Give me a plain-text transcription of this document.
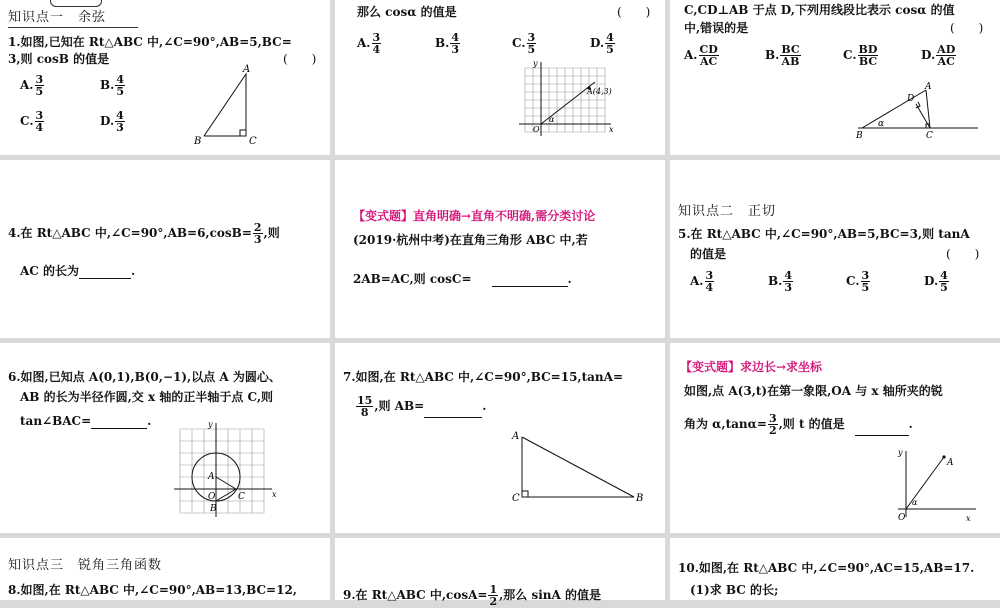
知识点一　余弦
1.如图,已知在 Rt△ABC 中,∠C=90°,AB=5,BC=
3,则 cosB 的值是	(　　)
A. $\frac{3}{5}$	B. $\frac{4}{5}$
C. $\frac{3}{4}$	D. $\frac{4}{3}$
A
B	C
那么 cosα 的值是	(　　)
A. $\frac{3}{4}$	B. $\frac{4}{3}$	C. $\frac{3}{5}$	D. $\frac{4}{5}$
y
x
O
A(4,3)
α
C,CD⊥AB 于点 D,下列用线段比表示 cosα 的值
中,错误的是	(　　)
A. $\frac{CD}{AC}$	B. $\frac{BC}{AB}$	C. $\frac{BD}{BC}$	D. $\frac{AD}{AC}$
A
D
B	C
α
4.在 Rt△ABC 中,∠C=90°,AB=6,cosB= $\frac{2}{3}$ ,则
AC 的长为	.
【变式题】直角明确→直角不明确,需分类讨论
(2019·杭州中考)在直角三角形 ABC 中,若
2AB=AC,则 cosC=	.
知识点二　正切
5.在 Rt△ABC 中,∠C=90°,AB=5,BC=3,则 tanA
的值是	(　　)
A. $\frac{3}{4}$	B. $\frac{4}{3}$	C. $\frac{3}{5}$	D. $\frac{4}{5}$
6.如图,已知点 A(0,1),B(0,−1),以点 A 为圆心、
AB 的长为半径作圆,交 x 轴的正半轴于点 C,则
tan∠BAC=	.	y
x
A
O	C
B
7.如图,在 Rt△ABC 中,∠C=90°,BC=15,tanA=
$\frac{15}{8}$ ,则 AB=	.
A
C	B
【变式题】求边长→求坐标
如图,点 A(3,t)在第一象限,OA 与 x 轴所夹的锐
角为 $\alpha,\tan\alpha= \frac{3}{2}$ ,则 t 的值是	.
y
x
O
A
α
知识点三　锐角三角函数
8.如图,在 Rt△ABC 中,∠C=90°,AB=13,BC=12,	9.在 Rt△ABC 中$,\cos A= \frac{1}{2}$ ,那么 sinA 的值是
10.如图,在 Rt△ABC 中,∠C=90°,AC=15,AB=17.
(1)求 BC 的长;
